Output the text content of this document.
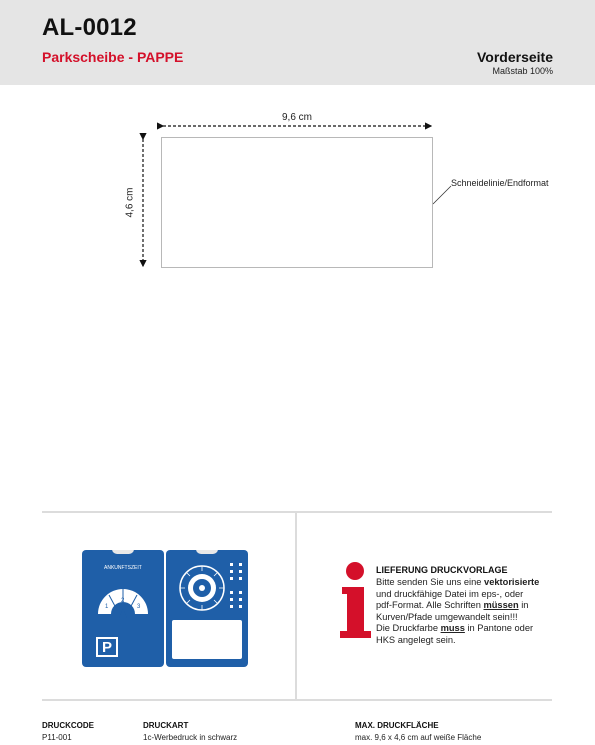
AL-0012
Parkscheibe - PAPPE	Vorderseite
Maßstab 100%
9,6 cm
4,6 cm
Schneidelinie/Endformat
ANKUNFTSZEIT
1
2
3
P
LIEFERUNG DRUCKVORLAGE
Bitte senden Sie uns eine vektorisierte
und druckfähige Datei im eps-, oder
pdf-Format. Alle Schriften müssen in
Kurven/Pfade umgewandelt sein!!!
Die Druckfarbe muss in Pantone oder
HKS angelegt sein.
DRUCKCODE
P11-001
DRUCKART
1c-Werbedruck in schwarz
MAX. DRUCKFLÄCHE
max. 9,6 x 4,6 cm auf weiße Fläche
